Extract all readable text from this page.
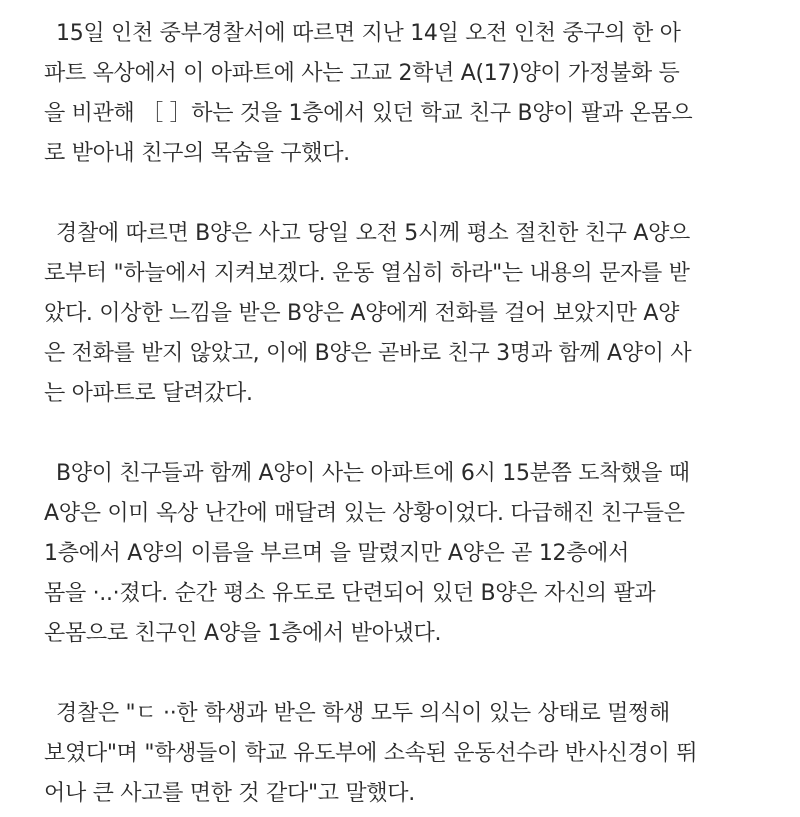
15일 인천 중부경찰서에 따르면 지난 14일 오전 인천 중구의 한 아
파트 옥상에서 이 아파트에 사는 고교 2학년 A(17)양이 가정불화 등
을 비관해 ［ ］하는 것을 1층에서 있던 학교 친구 B양이 팔과 온몸으
로 받아내 친구의 목숨을 구했다.

경찰에 따르면 B양은 사고 당일 오전 5시께 평소 절친한 친구 A양으
로부터 "하늘에서 지켜보겠다. 운동 열심히 하라"는 내용의 문자를 받
았다. 이상한 느낌을 받은 B양은 A양에게 전화를 걸어 보았지만 A양
은 전화를 받지 않았고, 이에 B양은 곧바로 친구 3명과 함께 A양이 사
는 아파트로 달려갔다.

B양이 친구들과 함께 A양이 사는 아파트에 6시 15분쯤 도착했을 때
A양은 이미 옥상 난간에 매달려 있는 상황이었다. 다급해진 친구들은
1층에서 A양의 이름을 부르며 을 말렸지만 A양은 곧 12층에서
몸을 ·..·졌다. 순간 평소 유도로 단련되어 있던 B양은 자신의 팔과
온몸으로 친구인 A양을 1층에서 받아냈다.

경찰은 "ㄷ ··한 학생과 받은 학생 모두 의식이 있는 상태로 멀쩡해
보였다"며 "학생들이 학교 유도부에 소속된 운동선수라 반사신경이 뛰
어나 큰 사고를 면한 것 같다"고 말했다.
